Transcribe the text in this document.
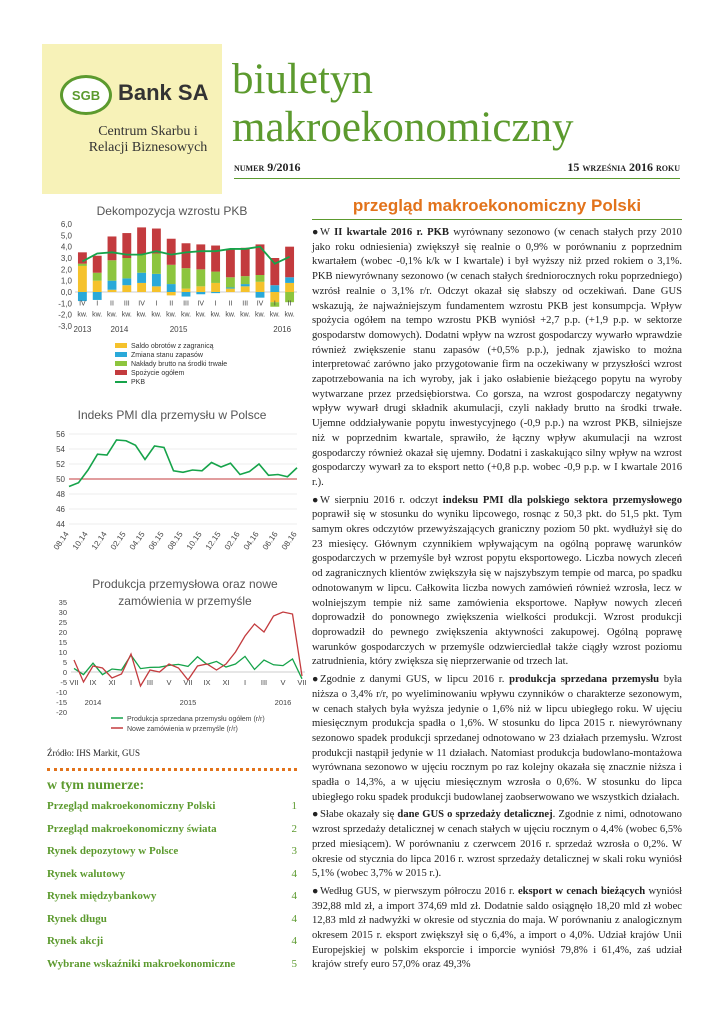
SGB Bank SA
Centrum Skarbu i Relacji Biznesowych
biuletyn
makroekonomiczny
numer 9/2016	15 września 2016 roku
przegląd makroekonomiczny Polski

● W II kwartale 2016 r. PKB wyrównany sezonowo (w cenach stałych przy 2010 jako roku odniesienia) zwiększył się realnie o 0,9% w porównaniu z poprzednim kwartałem (wobec -0,1% k/k w I kwartale) i był wyższy niż przed rokiem o 3,1%. PKB niewyrównany sezonowo (w cenach stałych średniorocznych roku poprzedniego) wzrósł realnie o 3,1% r/r. Odczyt okazał się słabszy od oczekiwań. Dane GUS wskazują, że najważniejszym fundamentem wzrostu PKB jest konsumpcja. Wpływ spożycia ogółem na tempo wzrostu PKB wyniósł +2,7 p.p. (+1,9 p.p. w sektorze gospodarstw domowych). Dodatni wpływ na wzrost gospodarczy wywarło wprawdzie również zwiększenie stanu zapasów (+0,5% p.p.), jednak zjawisko to można interpretować zarówno jako przygotowanie firm na oczekiwany w przyszłości wzrost zapotrzebowania na ich wyroby, jak i jako osłabienie bieżącego popytu na wyroby wytwarzane przez przedsiębiorstwa. Co gorsza, na wzrost gospodarczy negatywny wpływ wywarł drugi składnik akumulacji, czyli nakłady brutto na środki trwałe. Ujemne oddziaływanie popytu inwestycyjnego (-0,9 p.p.) na wzrost PKB, silniejsze niż w poprzednim kwartale, sprawiło, że łączny wpływ akumulacji na wzrost gospodarczy również okazał się ujemny. Dodatni i zaskakująco silny wpływ na wzrost gospodarczy wywarł za to eksport netto (+0,8 p.p. wobec -0,9 p.p. w I kwartale 2016 r.).

● W sierpniu 2016 r. odczyt indeksu PMI dla polskiego sektora przemysłowego poprawił się w stosunku do wyniku lipcowego, rosnąc z 50,3 pkt. do 51,5 pkt. Tym samym okres odczytów przewyższających graniczny poziom 50 pkt. wydłużył się do 23 miesięcy. Głównym czynnikiem wpływającym na ogólną poprawę warunków gospodarczych w przemyśle był wzrost popytu eksportowego. Liczba nowych zleceń od zagranicznych klientów zwiększyła się w najszybszym tempie od marca, po spadku odnotowanym w lipcu. Całkowita liczba nowych zamówień również wzrosła, lecz w wolniejszym tempie niż same zamówienia eksportowe. Napływ nowych zleceń doprowadził do ponownego zwiększenia wielkości produkcji. Wzrost produkcji doprowadził do pewnego zwiększenia aktywności zakupowej. Ogólną poprawę warunków gospodarczych w przemyśle odzwierciedlał także ciągły wzrost poziomu zatrudnienia, który zwiększa się nieprzerwanie od trzech lat.

● Zgodnie z danymi GUS, w lipcu 2016 r. produkcja sprzedana przemysłu była niższa o 3,4% r/r, po wyeliminowaniu wpływu czynników o charakterze sezonowym, w cenach stałych była wyższa jedynie o 1,6% niż w lipcu ubiegłego roku. W ujęciu miesięcznym produkcja spadła o 1,6%. W stosunku do lipca 2015 r. niewyrównany sezonowo spadek produkcji sprzedanej odnotowano w 23 działach przemysłu. Wzrost produkcji nastąpił jedynie w 11 działach. Natomiast produkcja budowlano-montażowa wyrównana sezonowo w ujęciu rocznym po raz kolejny okazała się znacznie niższa i spadła o 14,3%, a w ujęciu miesięcznym wzrosła o 0,6%. W stosunku do lipca ubiegłego roku spadek produkcji budowlanej zaobserwowano we wszystkich działach.

● Słabe okazały się dane GUS o sprzedaży detalicznej. Zgodnie z nimi, odnotowano wzrost sprzedaży detalicznej w cenach stałych w ujęciu rocznym o 4,4% (wobec 6,5% przed miesiącem). W porównaniu z czerwcem 2016 r. sprzedaż wzrosła o 0,2%. W okresie od stycznia do lipca 2016 r. wzrost sprzedaży detalicznej w skali roku wyniósł 5,1% (wobec 3,7% w 2015 r.).

● Według GUS, w pierwszym półroczu 2016 r. eksport w cenach bieżących wyniósł 392,88 mld zł, a import 374,69 mld zł. Dodatnie saldo osiągnęło 18,20 mld zł wobec 12,83 mld zł nadwyżki w okresie od stycznia do maja. W porównaniu z analogicznym okresem 2015 r. eksport zwiększył się o 6,4%, a import o 4,0%. Udział krajów Unii Europejskiej w polskim eksporcie i imporcie wyniósł 79,8% i 61,4%, zaś udział krajów strefy euro 57,0% oraz 49,3%

Dekompozycja wzrostu PKB
6,0
5,0
4,0
3,0
2,0
1,0
0,0
-1,0
-2,0
-3,0
IV
kw.
I
kw.
II
kw.
III
kw.
IV
kw.
I
kw.
II
kw.
III
kw.
IV
kw.
I
kw.
II
kw.
III
kw.
IV
kw.
I
kw.
II
kw.
2013 2014	2015	2016
Saldo obrotów z zagranicą
Zmiana stanu zapasów
Nakłady brutto na środki trwałe
Spożycie ogółem
PKB
Indeks PMI dla przemysłu w Polsce
56
54
52
50
48
46
44
08.14 10.14 12.14 02.15 04.15 06.15 08.15 10.15 12.15 02.16 04.16 06.16 08.16
Produkcja przemysłowa oraz nowe zamówienia w przemyśle
35
30
25
20
15
10
5
0
-5
-10
-15
-20
VII IX XI I III V VII IX XI I III V VII
2014	2015	2016
Produkcja sprzedana przemysłu ogółem (r/r)
Nowe zamówienia w przemyśle (r/r)
Źródło: IHS Markit, GUS
w tym numerze:
Przegląd makroekonomiczny Polski	1
Przegląd makroekonomiczny świata	2
Rynek depozytowy w Polsce	3
Rynek walutowy	4
Rynek międzybankowy	4
Rynek długu	4
Rynek akcji	4
Wybrane wskaźniki makroekonomiczne	5
